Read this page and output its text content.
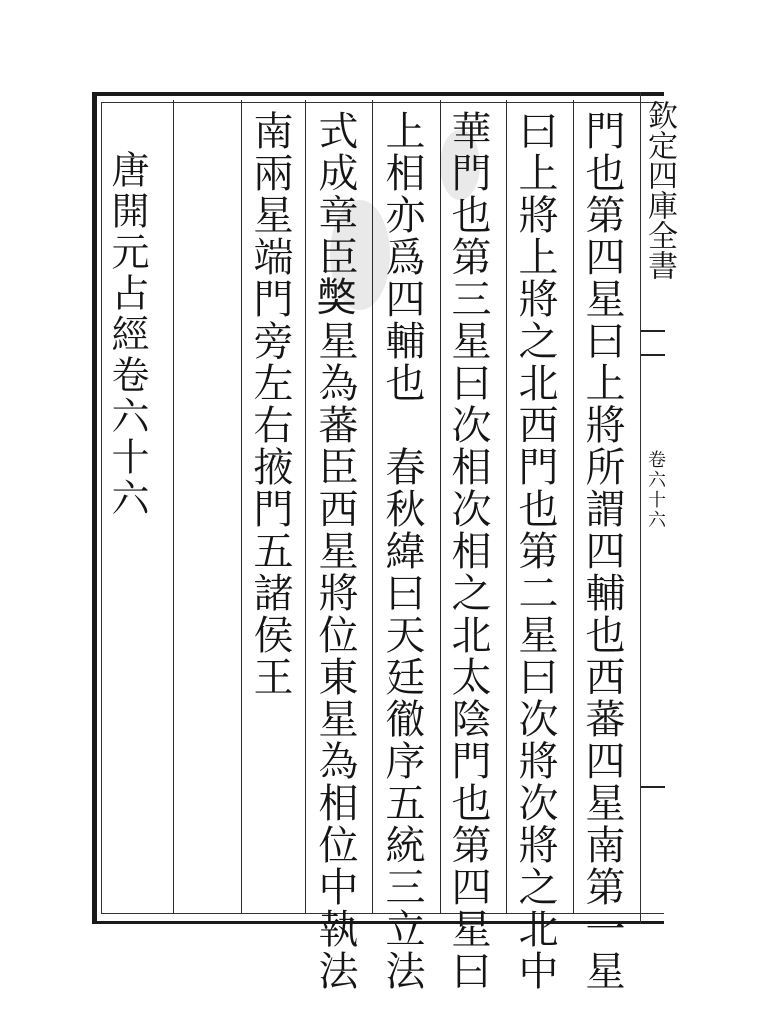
欽定四庫全書
卷六十六
門也第四星曰上將所謂四輔也西蕃四星南第一星
曰上將上將之北西門也第二星曰次將次將之北中
華門也第三星曰次相次相之北太陰門也第四星曰
上相亦爲四輔也　春秋緯曰天廷徹序五統三立法
式成章臣𡚁星為蕃臣西星將位東星為相位中執法
南兩星端門旁左右掖門五諸侯王
唐開元占經卷六十六
